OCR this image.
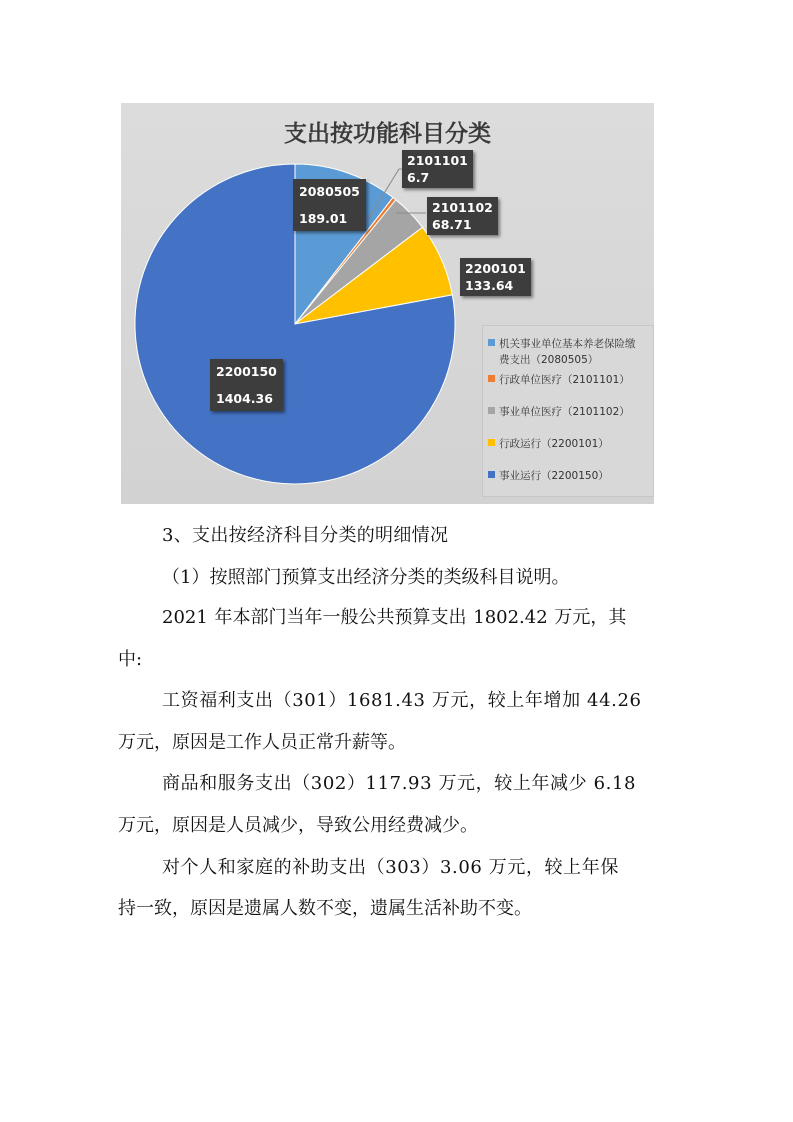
支出按功能科目分类
2080505
189.01
2101101
6.7
2101102
68.71
2200101
133.64
2200150
1404.36
机关事业单位基本养老保险缴
费支出（2080505）
行政单位医疗（2101101）
事业单位医疗（2101102）
行政运行（2200101）
事业运行（2200150）
3、支出按经济科目分类的明细情况
（1）按照部门预算支出经济分类的类级科目说明。
2021 年本部门当年一般公共预算支出 1802.42 万元，其
中:
工资福利支出（301）1681.43 万元，较上年增加 44.26
万元，原因是工作人员正常升薪等。
商品和服务支出（302）117.93 万元，较上年减少 6.18
万元，原因是人员减少，导致公用经费减少。
对个人和家庭的补助支出（303）3.06 万元，较上年保
持一致，原因是遗属人数不变，遗属生活补助不变。
